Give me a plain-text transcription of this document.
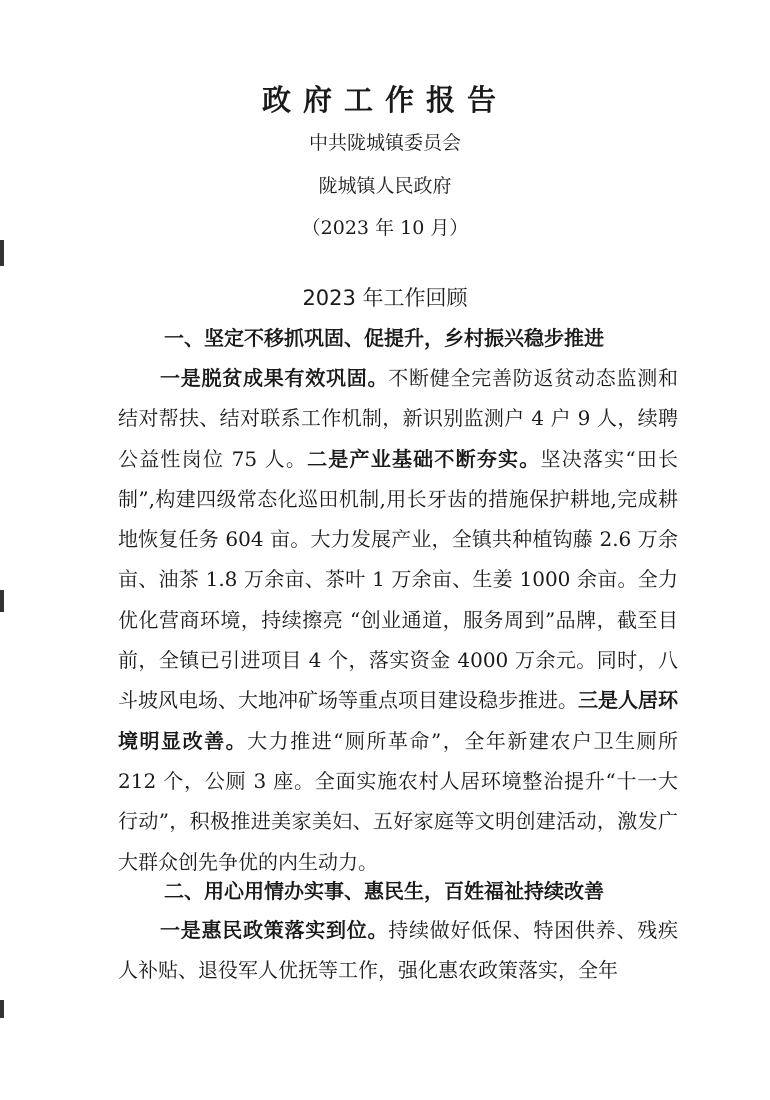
政府工作报告
中共陇城镇委员会
陇城镇人民政府
（2023 年 10 月）
2023 年工作回顾
一、坚定不移抓巩固、促提升，乡村振兴稳步推进
一是脱贫成果有效巩固。不断健全完善防返贫动态监测和结对帮扶、结对联系工作机制，新识别监测户 4 户 9 人，续聘公益性岗位 75 人。二是产业基础不断夯实。坚决落实“田长制”,构建四级常态化巡田机制,用长牙齿的措施保护耕地,完成耕地恢复任务 604 亩。大力发展产业，全镇共种植钩藤 2.6 万余亩、油茶 1.8 万余亩、茶叶 1 万余亩、生姜 1000 余亩。全力优化营商环境，持续擦亮 “创业通道，服务周到”品牌，截至目前，全镇已引进项目 4 个，落实资金 4000 万余元。同时，八斗坡风电场、大地冲矿场等重点项目建设稳步推进。三是人居环境明显改善。大力推进“厕所革命”，全年新建农户卫生厕所 212 个，公厕 3 座。全面实施农村人居环境整治提升“十一大行动”，积极推进美家美妇、五好家庭等文明创建活动，激发广大群众创先争优的内生动力。
二、用心用情办实事、惠民生，百姓福祉持续改善
一是惠民政策落实到位。持续做好低保、特困供养、残疾人补贴、退役军人优抚等工作，强化惠农政策落实，全年
